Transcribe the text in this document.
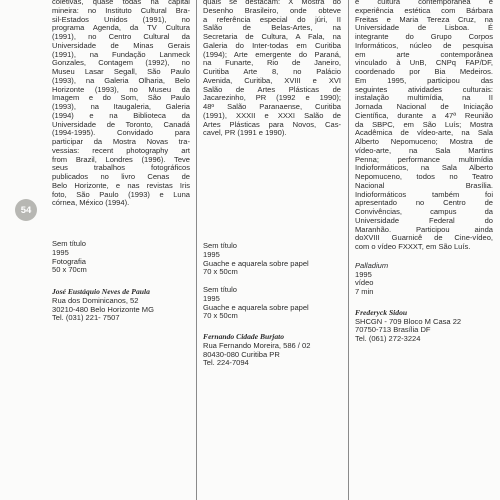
54
coletivas, quase todas na capital
mineira: no Instituto Cultural Bra-
sil-Estados Unidos (1991), no
programa Agenda, da TV Cultura
(1991), no Centro Cultural da
Universidade de Minas Gerais
(1991), na Fundação Lanmeck
Gonzales, Contagem (1992), no
Museu Lasar Segall, São Paulo
(1993), na Galeria Olharia, Belo
Horizonte (1993), no Museu da
Imagem e do Som, São Paulo
(1993), na Itaugaleria, Galeria
(1994) e na Biblioteca da
Universidade de Toronto, Canadá
(1994-1995). Convidado para
participar da Mostra Novas tra-
vessias: recent photography art
from Brazil, Londres (1996). Teve
seus trabalhos fotográficos
publicados no livro Cenas de
Belo Horizonte, e nas revistas Iris
foto, São Paulo (1993) e Luna
córnea, México (1994).
Sem título
1995
Fotografia
50 x 70cm
José Eustáquio Neves de Paula
Rua dos Dominicanos, 52
30210-480 Belo Horizonte MG
Tel. (031) 221- 7507
quais se destacam: X Mostra do
Desenho Brasileiro, onde obteve
a referência especial do júri, II
Salão de Belas-Artes, na
Secretaria de Cultura, A Fala, na
Galeria do Inter-todas em Curitiba
(1994); Arte emergente do Paraná,
na Funarte, Rio de Janeiro,
Curitiba Arte 8, no Palácio
Avenida, Curitiba, XVIII e XVI
Salão de Artes Plásticas de
Jacarezinho, PR (1992 e 1990);
48º Salão Paranaense, Curitiba
(1991), XXXII e XXXI Salão de
Artes Plásticas para Novos, Cas-
cavel, PR (1991 e 1990).
Sem título
1995
Guache e aquarela sobre papel
70 x 50cm
Sem título
1995
Guache e aquarela sobre papel
70 x 50cm
Fernando Cidade Burjato
Rua Fernando Moreira, 586 / 02
80430-080 Curitiba PR
Tel. 224-7094
e cultura contemporânea e
experiência estética com Bárbara
Freitas e Maria Tereza Cruz, na
Universidade de Lisboa. É
integrante do Grupo Corpos
Informáticos, núcleo de pesquisa
em arte contemporânea
vinculado à UnB, CNPq FAP/DF,
coordenado por Bia Medeiros.
Em 1995, participou das
seguintes atividades culturais:
instalação multimídia, na II
Jornada Nacional de Iniciação
Científica, durante a 47ª Reunião
da SBPC, em São Luís; Mostra
Acadêmica de vídeo-arte, na Sala
Alberto Nepomuceno; Mostra de
vídeo-arte, na Sala Martins
Penna; performance multimídia
Indioformáticos, na Sala Alberto
Nepomuceno, todos no Teatro
Nacional Brasília.
Indioformáticos também foi
apresentado no Centro de
Convivências, campus da
Universidade Federal do
Maranhão. Participou ainda
doXVIII Guarnicê de Cine-vídeo,
com o vídeo FXXXT, em São Luís.
Palladium
1995
vídeo
7 min
Frederyck Sidou
SHCGN - 709 Bloco M Casa 22
70750-713 Brasília DF
Tel. (061) 272-3224
